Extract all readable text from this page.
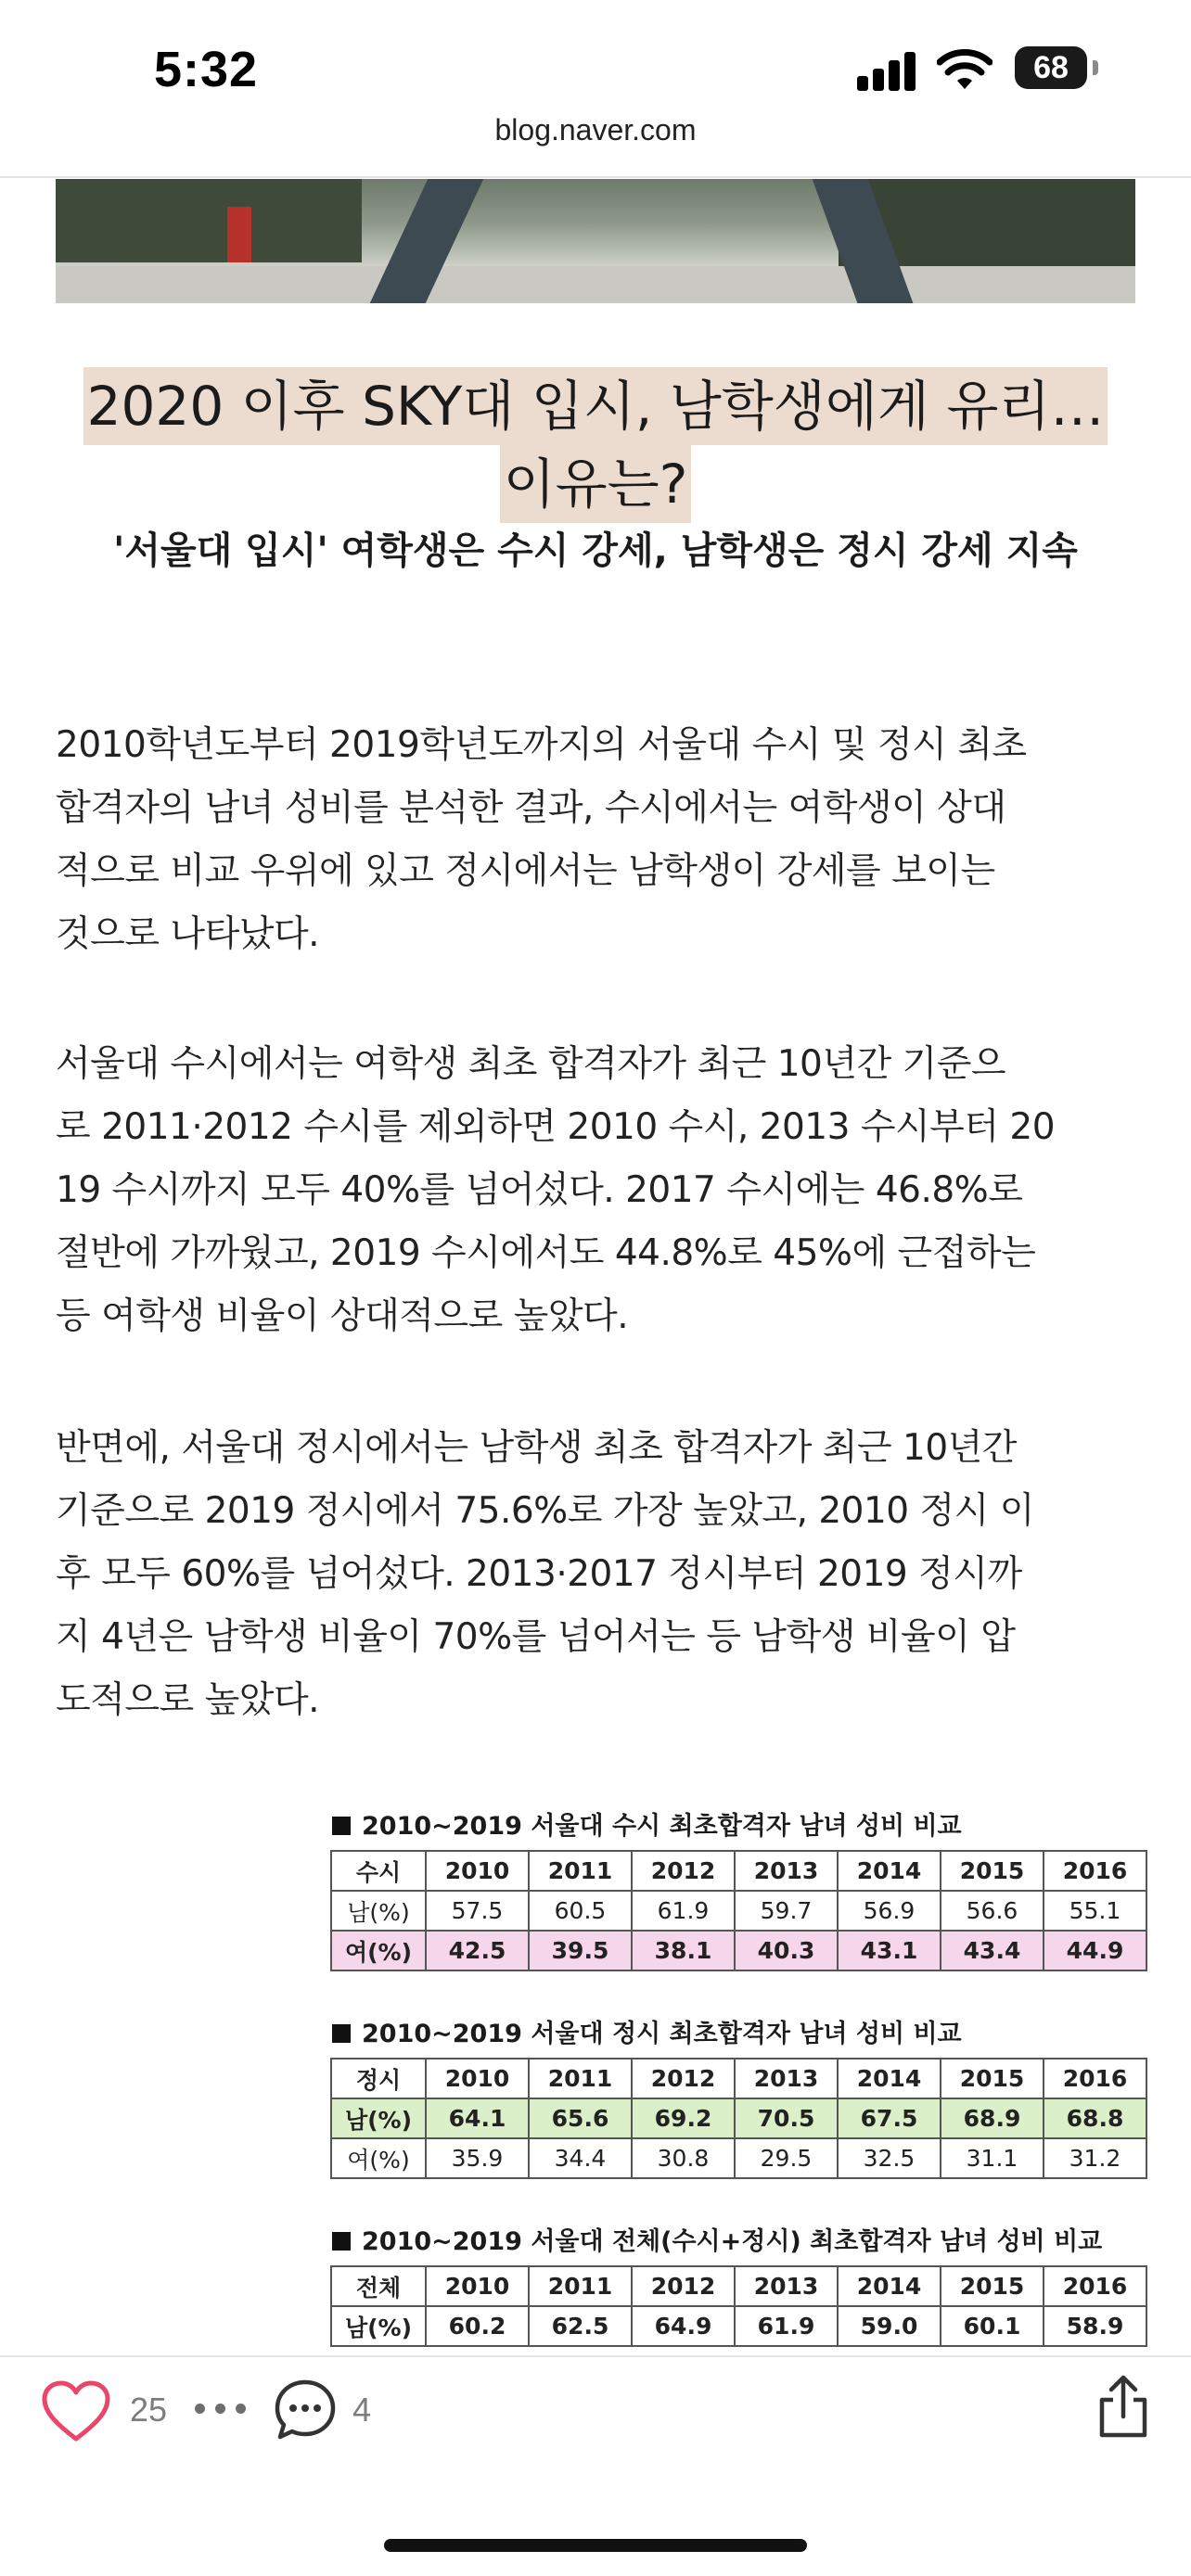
5:32	68
blog.naver.com
2020 이후 SKY대 입시, 남학생에게 유리…
이유는?
'서울대 입시' 여학생은 수시 강세, 남학생은 정시 강세 지속
2010학년도부터 2019학년도까지의 서울대 수시 및 정시 최초
합격자의 남녀 성비를 분석한 결과, 수시에서는 여학생이 상대
적으로 비교 우위에 있고 정시에서는 남학생이 강세를 보이는
것으로 나타났다.
서울대 수시에서는 여학생 최초 합격자가 최근 10년간 기준으
로 2011·2012 수시를 제외하면 2010 수시, 2013 수시부터 20
19 수시까지 모두 40%를 넘어섰다. 2017 수시에는 46.8%로
절반에 가까웠고, 2019 수시에서도 44.8%로 45%에 근접하는
등 여학생 비율이 상대적으로 높았다.
반면에, 서울대 정시에서는 남학생 최초 합격자가 최근 10년간
기준으로 2019 정시에서 75.6%로 가장 높았고, 2010 정시 이
후 모두 60%를 넘어섰다. 2013·2017 정시부터 2019 정시까
지 4년은 남학생 비율이 70%를 넘어서는 등 남학생 비율이 압
도적으로 높았다.
2010~2019 서울대 수시 최초합격자 남녀 성비 비교
수시	2010	2011	2012	2013	2014	2015	2016
남(%)	57.5	60.5	61.9	59.7	56.9	56.6	55.1
여(%)	42.5	39.5	38.1	40.3	43.1	43.4	44.9
2010~2019 서울대 정시 최초합격자 남녀 성비 비교
정시	2010	2011	2012	2013	2014	2015	2016
남(%)	64.1	65.6	69.2	70.5	67.5	68.9	68.8
여(%)	35.9	34.4	30.8	29.5	32.5	31.1	31.2
2010~2019 서울대 전체(수시+정시) 최초합격자 남녀 성비 비교
전체	2010	2011	2012	2013	2014	2015	2016
남(%)	60.2	62.5	64.9	61.9	59.0	60.1	58.9
25	4
